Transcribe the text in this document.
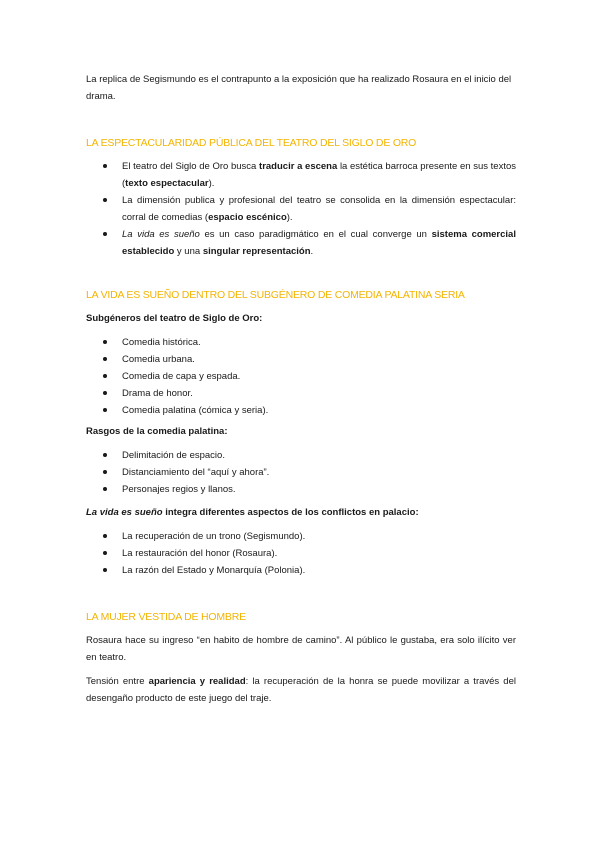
La replica de Segismundo es el contrapunto a la exposición que ha realizado Rosaura en el inicio del drama.

LA ESPECTACULARIDAD PÚBLICA DEL TEATRO DEL SIGLO DE ORO
El teatro del Siglo de Oro busca traducir a escena la estética barroca presente en sus textos (texto espectacular).
La dimensión publica y profesional del teatro se consolida en la dimensión espectacular: corral de comedias (espacio escénico).
La vida es sueño es un caso paradigmático en el cual converge un sistema comercial establecido y una singular representación.
LA VIDA ES SUEÑO DENTRO DEL SUBGÉNERO DE COMEDIA PALATINA SERIA

Subgéneros del teatro de Siglo de Oro:

Comedia histórica.
Comedia urbana.
Comedia de capa y espada.
Drama de honor.
Comedia palatina (cómica y seria).

Rasgos de la comedia palatina:

Delimitación de espacio.
Distanciamiento del “aquí y ahora”.
Personajes regios y llanos.

La vida es sueño integra diferentes aspectos de los conflictos en palacio:

La recuperación de un trono (Segismundo).
La restauración del honor (Rosaura).
La razón del Estado y Monarquía (Polonia).
LA MUJER VESTIDA DE HOMBRE

Rosaura hace su ingreso “en habito de hombre de camino”. Al público le gustaba, era solo ilícito ver en teatro.

Tensión entre apariencia y realidad: la recuperación de la honra se puede movilizar a través del desengaño producto de este juego del traje.
